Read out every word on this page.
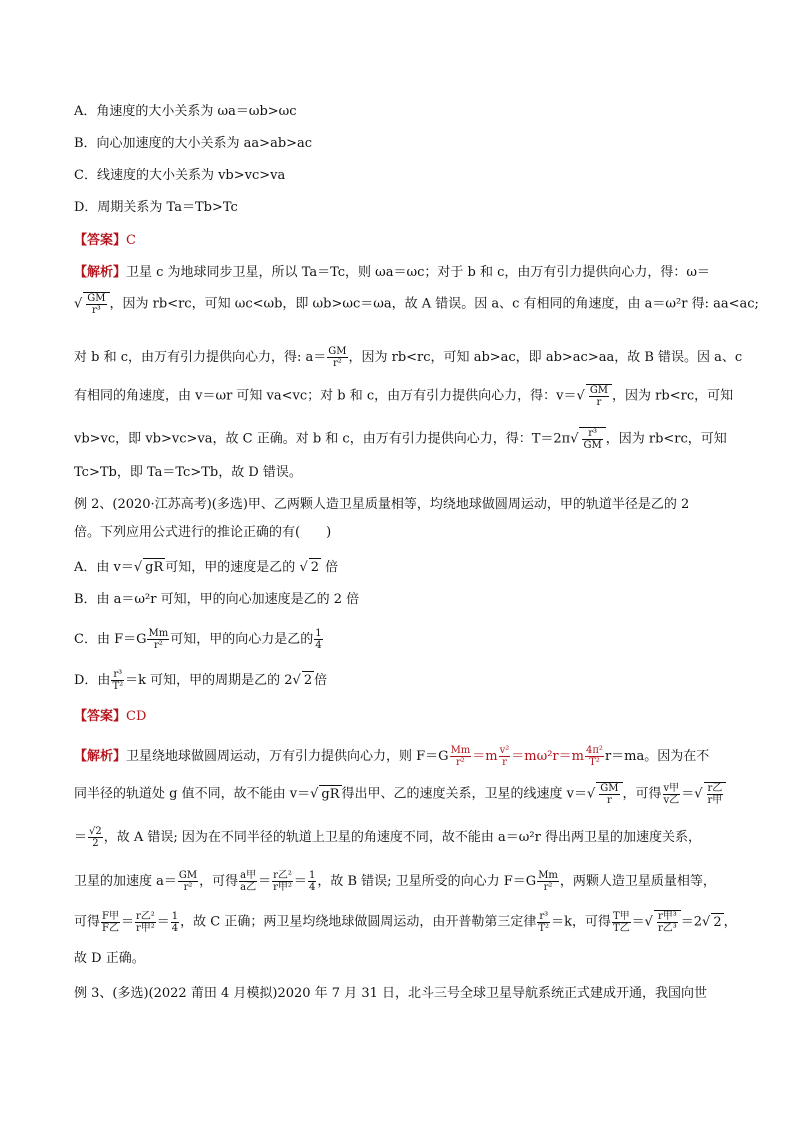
A．角速度的大小关系为 ωa＝ωb>ωc
B．向心加速度的大小关系为 aa>ab>ac
C．线速度的大小关系为 vb>vc>va
D．周期关系为 Ta＝Tb>Tc
【答案】C
【解析】卫星 c 为地球同步卫星，所以 Ta＝Tc，则 ωa＝ωc；对于 b 和 c，由万有引力提供向心力，得：ω＝
√ $\frac{GM}{\text{r³}}$ ，因为 rb<rc，可知 ωc<ωb，即 ωb>ωc＝ωa，故 A 错误。因 a、c 有相同的角速度，由 a＝ω²r 得: aa<ac;
对 b 和 c，由万有引力提供向心力，得: $a= \frac{GM}{\text{r²}}$ ，因为 rb<rc，可知 ab>ac，即 ab>ac>aa，故 B 错误。因 a、c
有相同的角速度，由 v＝ωr 可知 va<vc；对 b 和 c，由万有引力提供向心力，得：$v=√ \frac{GM}{r}$ ，因为 rb<rc，可知
vb>vc，即 vb>vc>va，故 C 正确。对 b 和 c，由万有引力提供向心力，得：$T=2\pi√ \frac{\text{r³}}{GM}$ ，因为 rb<rc，可知
Tc>Tb，即 Ta＝Tc>Tb，故 D 错误。
例 2、(2020·江苏高考)(多选)甲、乙两颗人造卫星质量相等，均绕地球做圆周运动，甲的轨道半径是乙的 2
倍。下列应用公式进行的推论正确的有(　　)
A．由 v＝√ gR 可知，甲的速度是乙的 √ 2 倍
B．由 a＝ω²r 可知，甲的向心加速度是乙的 2 倍
C．由 $F=G \frac{Mm}{\text{r²}}$ 可知，甲的向心力是乙的 $\frac{1}{4}$
D．由 $\frac{\text{r³}}{\text{T²}} =k$ 可知，甲的周期是乙的 2√ 2 倍
【答案】CD
【解析】卫星绕地球做圆周运动，万有引力提供向心力，则 $F=G \frac{Mm}{\text{r²}} =m \frac{\text{v²}}{r} =m\omega^2r=m \frac{\text{4π²}}{\text{T²}} r=ma$。因为在不
同半径的轨道处 g 值不同，故不能由 v＝√ gR 得出甲、乙的速度关系，卫星的线速度 $v=√ \frac{GM}{r}$ ，可得 v甲
v乙 ＝√ r乙
r甲
＝ $\frac{√2}{2}$ ，故 A 错误; 因为在不同半径的轨道上卫星的角速度不同，故不能由 a＝ω²r 得出两卫星的加速度关系，
卫星的加速度 $a= \frac{GM}{\text{r²}}$ ，可得 a甲
a乙 ＝ r乙²
r甲$^2 = \frac{1}{4}$ ，故 B 错误; 卫星所受的向心力 $F=G \frac{Mm}{\text{r²}}$ ，两颗人造卫星质量相等，
可得 F甲
F乙 ＝ r乙²
r甲$^2 = \frac{1}{4}$ ，故 C 正确；两卫星均绕地球做圆周运动，由开普勒第三定律 $\frac{\text{r³}}{\text{T²}} =k$，可得 T甲
T乙 ＝√ r甲³
r乙³ ＝2√ 2 ，
故 D 正确。
例 3、(多选)(2022 莆田 4 月模拟)2020 年 7 月 31 日，北斗三号全球卫星导航系统正式建成开通，我国向世
